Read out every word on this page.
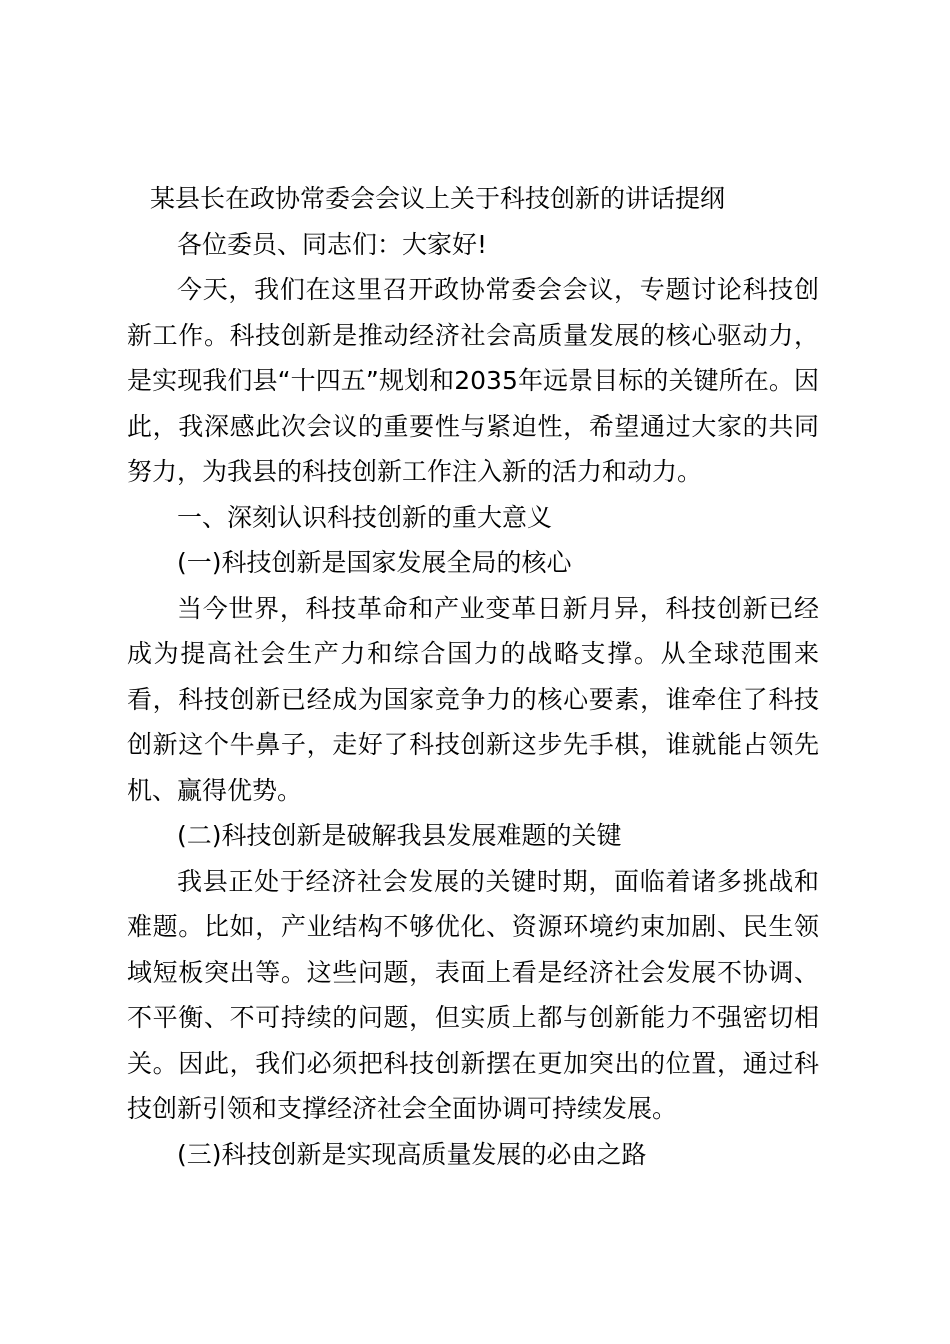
某县长在政协常委会会议上关于科技创新的讲话提纲

各位委员、同志们：大家好!

今天，我们在这里召开政协常委会会议，专题讨论科技创新工作。科技创新是推动经济社会高质量发展的核心驱动力，是实现我们县“十四五”规划和2035年远景目标的关键所在。因此，我深感此次会议的重要性与紧迫性，希望通过大家的共同努力，为我县的科技创新工作注入新的活力和动力。

一、深刻认识科技创新的重大意义

(一)科技创新是国家发展全局的核心

当今世界，科技革命和产业变革日新月异，科技创新已经成为提高社会生产力和综合国力的战略支撑。从全球范围来看，科技创新已经成为国家竞争力的核心要素，谁牵住了科技创新这个牛鼻子，走好了科技创新这步先手棋，谁就能占领先机、赢得优势。

(二)科技创新是破解我县发展难题的关键

我县正处于经济社会发展的关键时期，面临着诸多挑战和难题。比如，产业结构不够优化、资源环境约束加剧、民生领域短板突出等。这些问题，表面上看是经济社会发展不协调、不平衡、不可持续的问题，但实质上都与创新能力不强密切相关。因此，我们必须把科技创新摆在更加突出的位置，通过科技创新引领和支撑经济社会全面协调可持续发展。

(三)科技创新是实现高质量发展的必由之路
